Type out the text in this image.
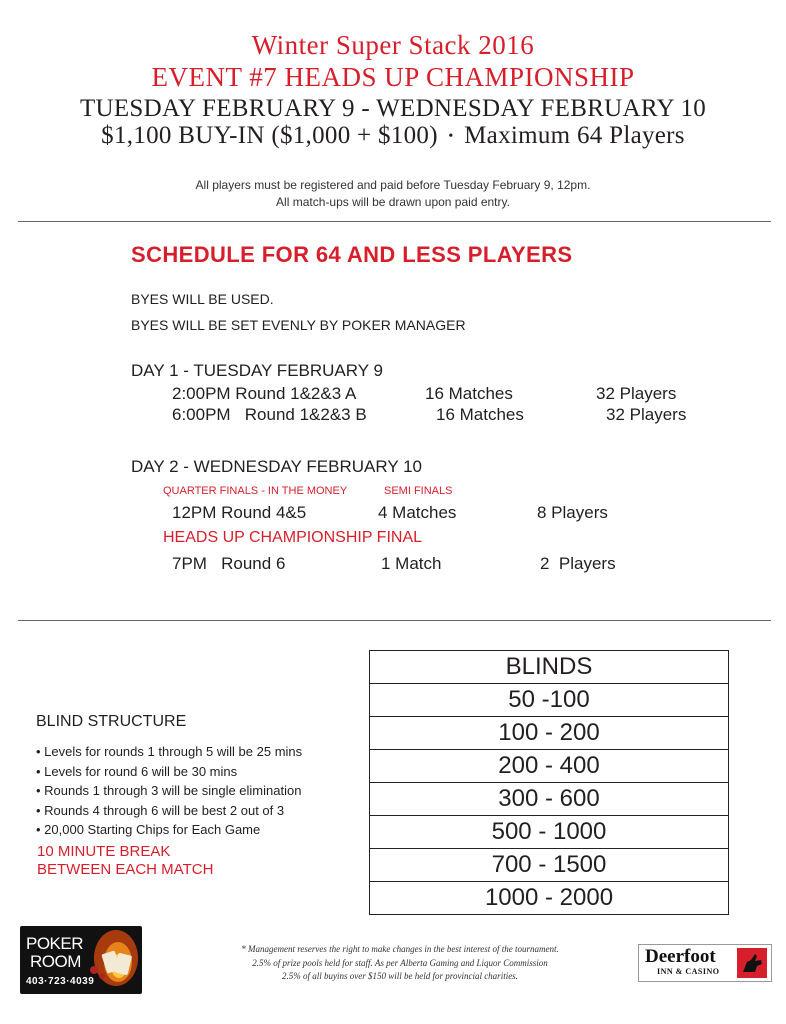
Winter Super Stack 2016
EVENT #7 HEADS UP CHAMPIONSHIP
TUESDAY FEBRUARY 9 - WEDNESDAY FEBRUARY 10
$1,100 BUY-IN ($1,000 + $100) • Maximum 64 Players
All players must be registered and paid before Tuesday February 9, 12pm.
All match-ups will be drawn upon paid entry.
SCHEDULE FOR 64 AND LESS PLAYERS
BYES WILL BE USED.
BYES WILL BE SET EVENLY BY POKER MANAGER
DAY 1 - TUESDAY FEBRUARY 9
2:00PM Round 1&2&3 A	16 Matches	32 Players
6:00PM   Round 1&2&3 B	16 Matches	32 Players
DAY 2 - WEDNESDAY FEBRUARY 10
QUARTER FINALS - IN THE MONEY	SEMI FINALS
12PM Round 4&5	4 Matches	8 Players
HEADS UP CHAMPIONSHIP FINAL
7PM   Round 6	1 Match	2  Players
BLIND STRUCTURE
• Levels for rounds 1 through 5 will be 25 mins
• Levels for round 6 will be 30 mins
• Rounds 1 through 3 will be single elimination
• Rounds 4 through 6 will be best 2 out of 3
• 20,000 Starting Chips for Each Game
10 MINUTE BREAK
BETWEEN EACH MATCH
BLINDS
50 -100
100 - 200
200 - 400
300 - 600
500 - 1000
700 - 1500
1000 - 2000
POKER
ROOM
403·723·4039
* Management reserves the right to make changes in the best interest of the tournament.
2.5% of prize pools held for staff. As per Alberta Gaming and Liquor Commission
2.5% of all buyins over $150 will be held for provincial charities.
Deerfoot
INN & CASINO
